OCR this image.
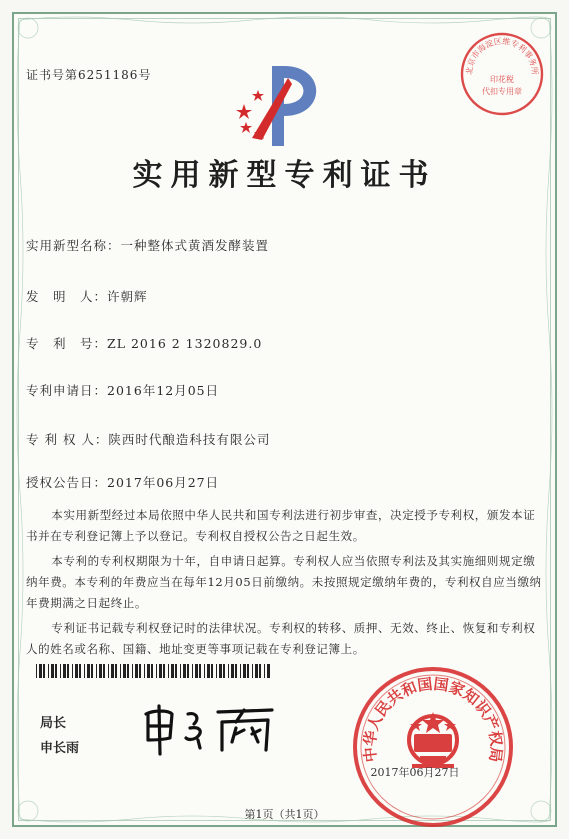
证书号第6251186号	北京市海淀区维专利事务所
印花税
代扣专用章
实用新型专利证书
实用新型名称：一种整体式黄酒发酵装置
发　明　人：许朝辉
专　利　号：ZL 2016 2 1320829.0
专利申请日：2016年12月05日
专 利 权 人：陕西时代酿造科技有限公司
授权公告日：2017年06月27日

本实用新型经过本局依照中华人民共和国专利法进行初步审查，决定授予专利权，颁发本证书并在专利登记簿上予以登记。专利权自授权公告之日起生效。

本专利的专利权期限为十年，自申请日起算。专利权人应当依照专利法及其实施细则规定缴纳年费。本专利的年费应当在每年12月05日前缴纳。未按照规定缴纳年费的，专利权自应当缴纳年费期满之日起终止。

专利证书记载专利权登记时的法律状况。专利权的转移、质押、无效、终止、恢复和专利权人的姓名或名称、国籍、地址变更等事项记载在专利登记簿上。

局长
申长雨	中华人民共和国国家知识产权局
2017年06月27日
第1页（共1页）
